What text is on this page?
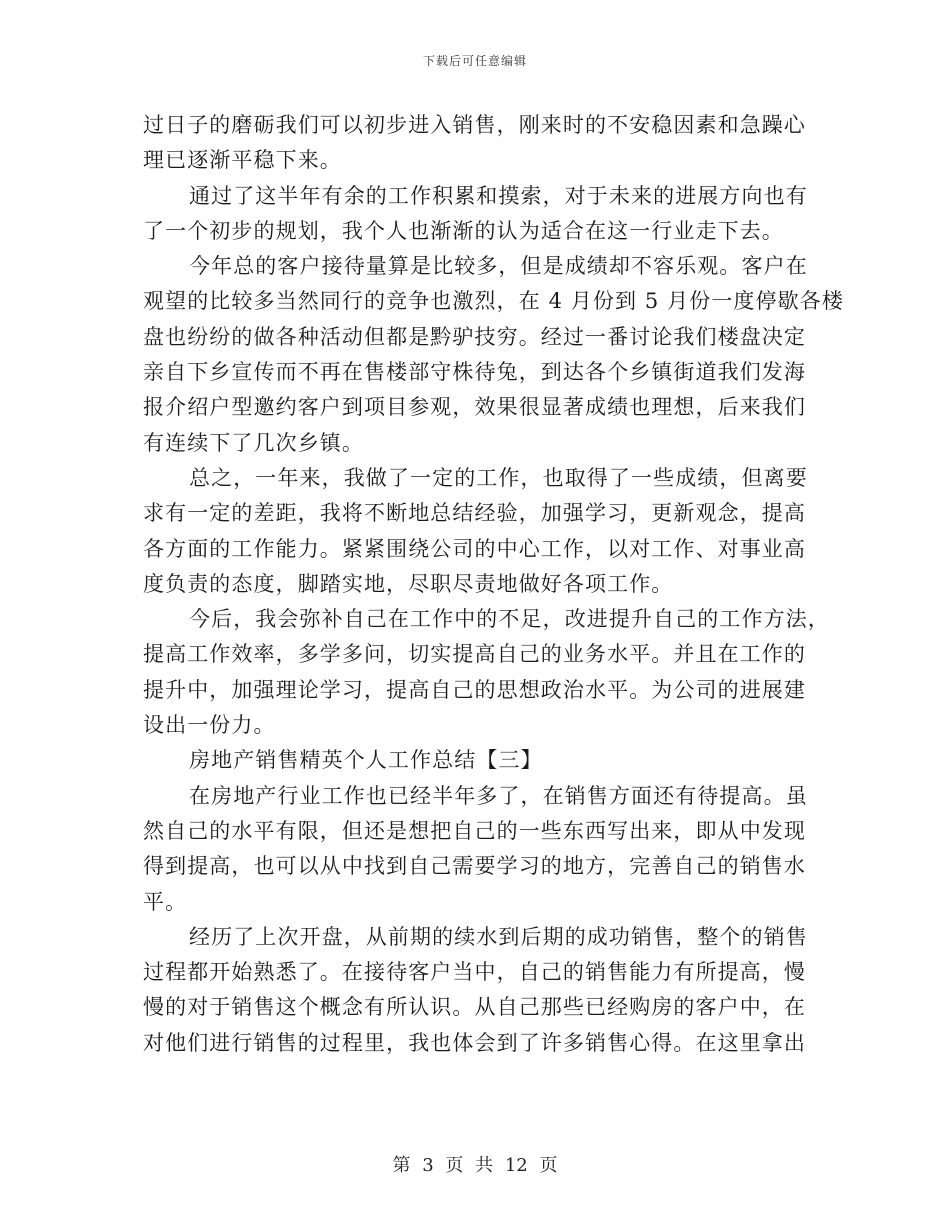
下载后可任意编辑
过日子的磨砺我们可以初步进入销售，刚来时的不安稳因素和急躁心
理已逐渐平稳下来。
通过了这半年有余的工作积累和摸索，对于未来的进展方向也有
了一个初步的规划，我个人也渐渐的认为适合在这一行业走下去。
今年总的客户接待量算是比较多，但是成绩却不容乐观。客户在
观望的比较多当然同行的竞争也激烈，在 4 月份到 5 月份一度停歇各楼
盘也纷纷的做各种活动但都是黔驴技穷。经过一番讨论我们楼盘决定
亲自下乡宣传而不再在售楼部守株待兔，到达各个乡镇街道我们发海
报介绍户型邀约客户到项目参观，效果很显著成绩也理想，后来我们
有连续下了几次乡镇。
总之，一年来，我做了一定的工作，也取得了一些成绩，但离要
求有一定的差距，我将不断地总结经验，加强学习，更新观念，提高
各方面的工作能力。紧紧围绕公司的中心工作，以对工作、对事业高
度负责的态度，脚踏实地，尽职尽责地做好各项工作。
今后，我会弥补自己在工作中的不足，改进提升自己的工作方法，
提高工作效率，多学多问，切实提高自己的业务水平。并且在工作的
提升中，加强理论学习，提高自己的思想政治水平。为公司的进展建
设出一份力。
房地产销售精英个人工作总结【三】
在房地产行业工作也已经半年多了，在销售方面还有待提高。虽
然自己的水平有限，但还是想把自己的一些东西写出来，即从中发现
得到提高，也可以从中找到自己需要学习的地方，完善自己的销售水
平。
经历了上次开盘，从前期的续水到后期的成功销售，整个的销售
过程都开始熟悉了。在接待客户当中，自己的销售能力有所提高，慢
慢的对于销售这个概念有所认识。从自己那些已经购房的客户中，在
对他们进行销售的过程里，我也体会到了许多销售心得。在这里拿出
第 3 页 共 12 页
